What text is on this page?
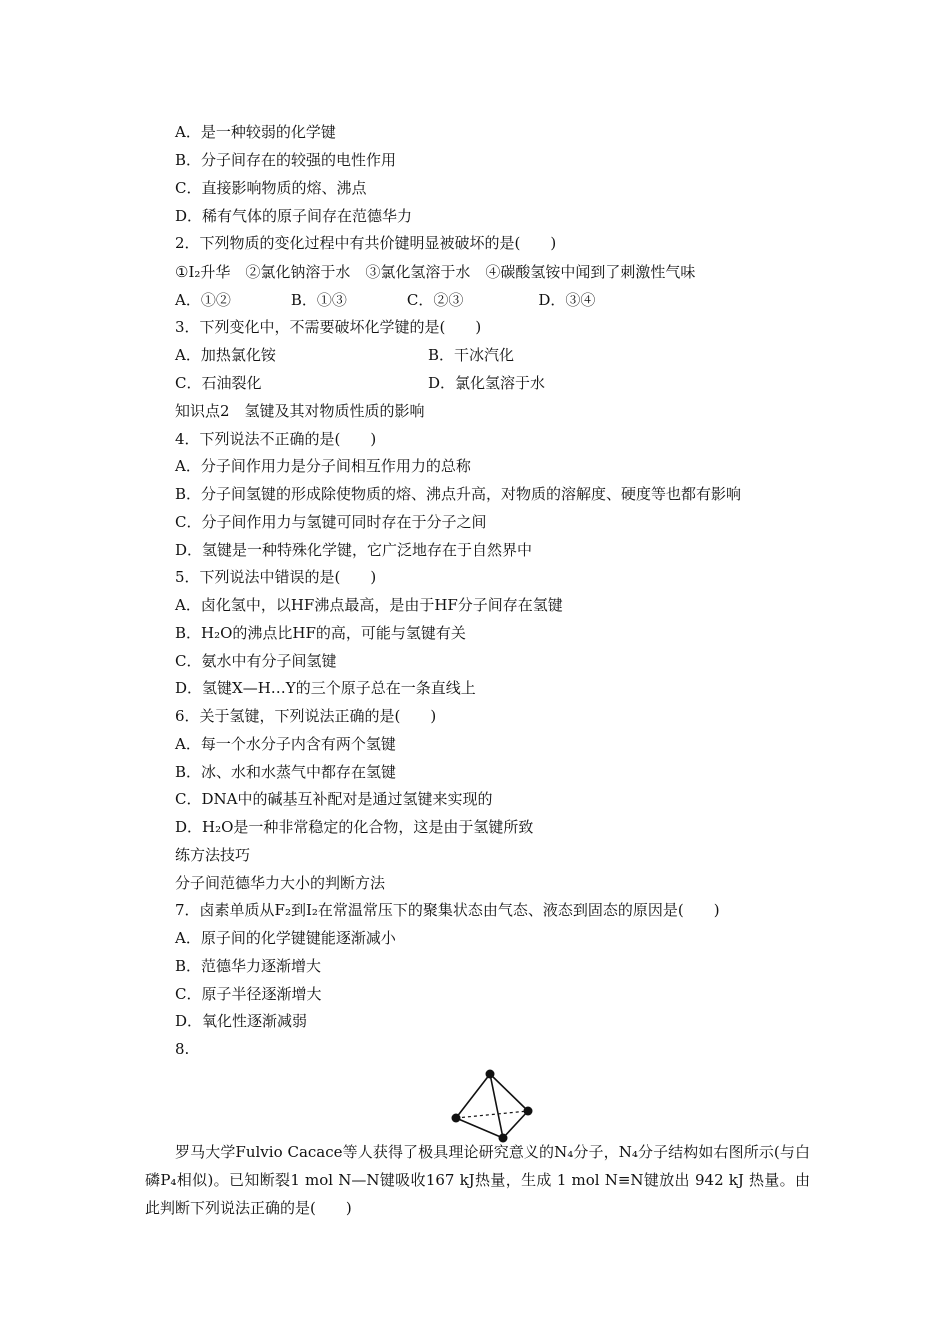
A．是一种较弱的化学键
B．分子间存在的较强的电性作用
C．直接影响物质的熔、沸点
D．稀有气体的原子间存在范德华力
2．下列物质的变化过程中有共价键明显被破坏的是(　　)
①I₂升华　②氯化钠溶于水　③氯化氢溶于水　④碳酸氢铵中闻到了刺激性气味
A．①②　　　　B．①③　　　　C．②③　　　　　D．③④
3．下列变化中，不需要破坏化学键的是(　　)
A．加热氯化铵	B．干冰汽化
C．石油裂化	D．氯化氢溶于水
知识点2　氢键及其对物质性质的影响
4．下列说法不正确的是(　　)
A．分子间作用力是分子间相互作用力的总称
B．分子间氢键的形成除使物质的熔、沸点升高，对物质的溶解度、硬度等也都有影响
C．分子间作用力与氢键可同时存在于分子之间
D．氢键是一种特殊化学键，它广泛地存在于自然界中
5．下列说法中错误的是(　　)
A．卤化氢中，以HF沸点最高，是由于HF分子间存在氢键
B．H₂O的沸点比HF的高，可能与氢键有关
C．氨水中有分子间氢键
D．氢键X—H…Y的三个原子总在一条直线上
6．关于氢键，下列说法正确的是(　　)
A．每一个水分子内含有两个氢键
B．冰、水和水蒸气中都存在氢键
C．DNA中的碱基互补配对是通过氢键来实现的
D．H₂O是一种非常稳定的化合物，这是由于氢键所致
练方法技巧
分子间范德华力大小的判断方法
7．卤素单质从F₂到I₂在常温常压下的聚集状态由气态、液态到固态的原因是(　　)
A．原子间的化学键键能逐渐减小
B．范德华力逐渐增大
C．原子半径逐渐增大
D．氧化性逐渐减弱
8.
罗马大学Fulvio Cacace等人获得了极具理论研究意义的N₄分子，N₄分子结构如右图所示(与白磷P₄相似)。已知断裂1 mol N—N键吸收167 kJ热量，生成 1 mol N≡N键放出 942 kJ 热量。由此判断下列说法正确的是(　　)
